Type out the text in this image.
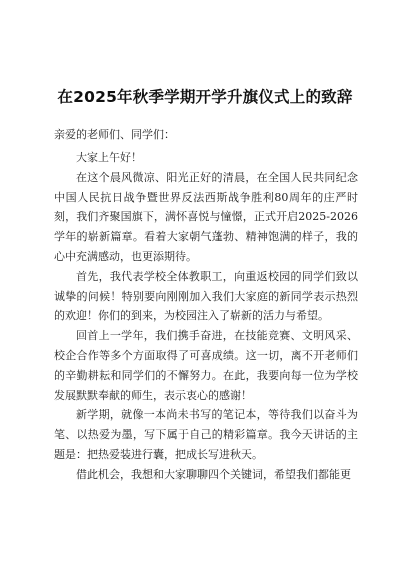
在2025年秋季学期开学升旗仪式上的致辞
亲爱的老师们、同学们：

大家上午好！

在这个晨风微凉、阳光正好的清晨，在全国人民共同纪念中国人民抗日战争暨世界反法西斯战争胜利80周年的庄严时刻，我们齐聚国旗下，满怀喜悦与憧憬，正式开启2025-2026学年的崭新篇章。看着大家朝气蓬勃、精神饱满的样子，我的心中充满感动，也更添期待。

首先，我代表学校全体教职工，向重返校园的同学们致以诚挚的问候！特别要向刚刚加入我们大家庭的新同学表示热烈的欢迎！你们的到来，为校园注入了崭新的活力与希望。

回首上一学年，我们携手奋进，在技能竞赛、文明风采、校企合作等多个方面取得了可喜成绩。这一切，离不开老师们的辛勤耕耘和同学们的不懈努力。在此，我要向每一位为学校发展默默奉献的师生，表示衷心的感谢！

新学期，就像一本尚未书写的笔记本，等待我们以奋斗为笔、以热爱为墨，写下属于自己的精彩篇章。我今天讲话的主题是：把热爱装进行囊，把成长写进秋天。

借此机会，我想和大家聊聊四个关键词，希望我们都能更
